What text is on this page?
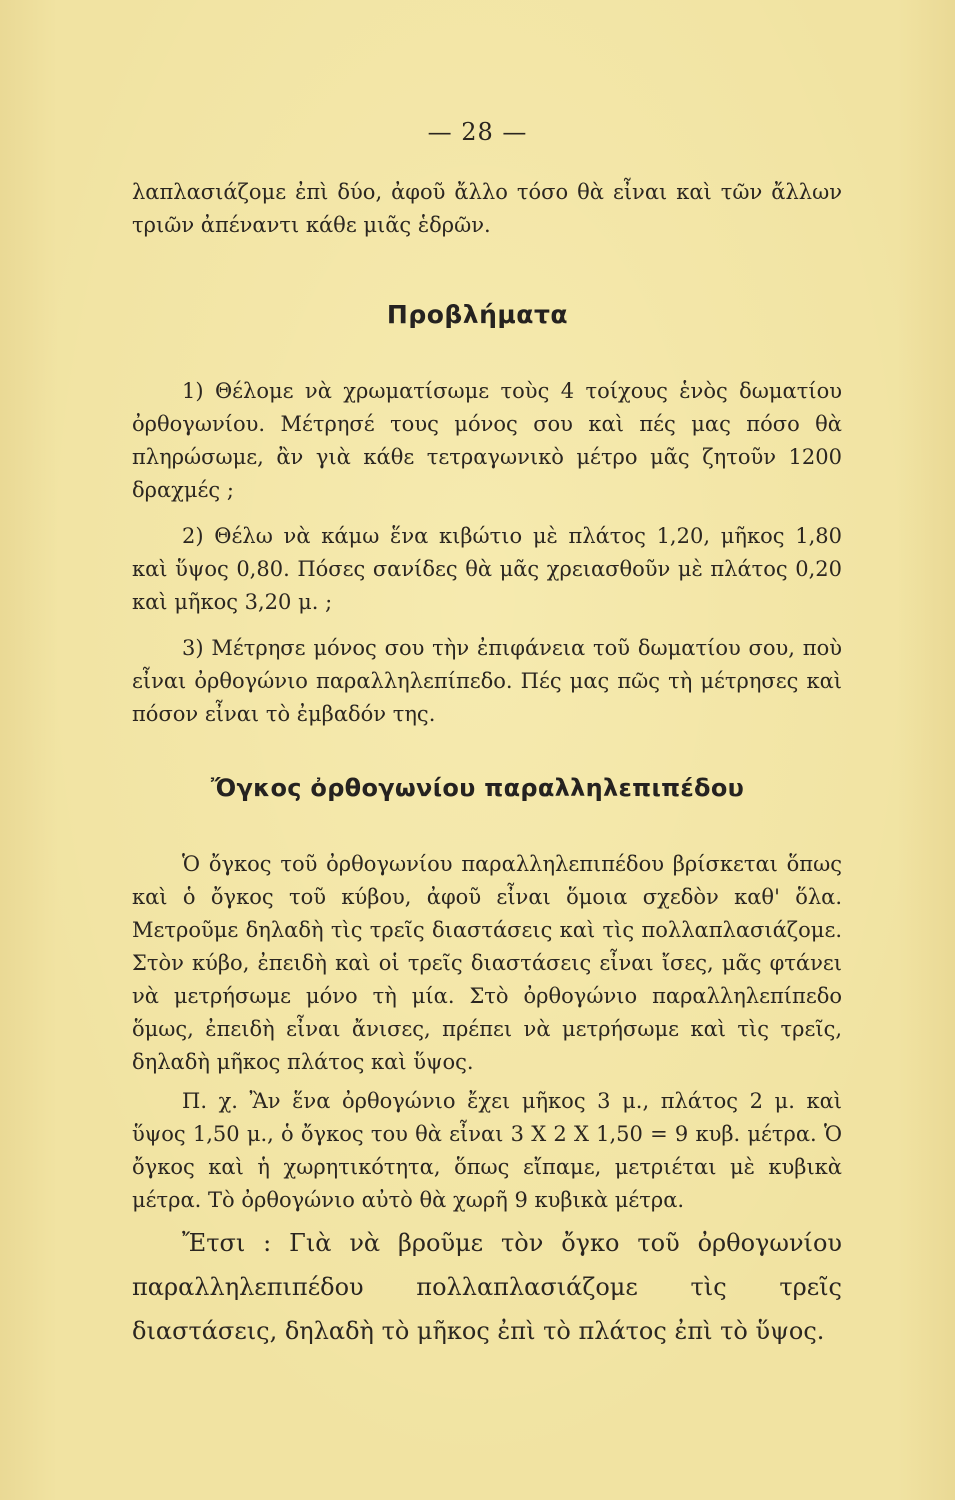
— 28 —

λαπλασιάζομε ἐπὶ δύο, ἀφοῦ ἄλλο τόσο θὰ εἶναι καὶ τῶν ἄλλων τριῶν ἀπέναντι κάθε μιᾶς ἑδρῶν.

Προβλήματα

1) Θέλομε νὰ χρωματίσωμε τοὺς 4 τοίχους ἑνὸς δωματίου ὀρθογωνίου. Μέτρησέ τους μόνος σου καὶ πές μας πόσο θὰ πληρώσωμε, ἂν γιὰ κάθε τετραγωνικὸ μέτρο μᾶς ζητοῦν 1200 δραχμές ;

2) Θέλω νὰ κάμω ἕνα κιβώτιο μὲ πλάτος 1,20, μῆκος 1,80 καὶ ὕψος 0,80. Πόσες σανίδες θὰ μᾶς χρειασθοῦν μὲ πλάτος 0,20 καὶ μῆκος 3,20 μ. ;

3) Μέτρησε μόνος σου τὴν ἐπιφάνεια τοῦ δωματίου σου, ποὺ εἶναι ὀρθογώνιο παραλληλεπίπεδο. Πές μας πῶς τὴ μέτρησες καὶ πόσον εἶναι τὸ ἐμβαδόν της.

Ὄγκος ὀρθογωνίου παραλληλεπιπέδου

Ὁ ὄγκος τοῦ ὀρθογωνίου παραλληλεπιπέδου βρίσκεται ὅπως καὶ ὁ ὄγκος τοῦ κύβου, ἀφοῦ εἶναι ὅμοια σχεδὸν καθ' ὅλα. Μετροῦμε δηλαδὴ τὶς τρεῖς διαστάσεις καὶ τὶς πολλαπλασιάζομε. Στὸν κύβο, ἐπειδὴ καὶ οἱ τρεῖς διαστάσεις εἶναι ἴσες, μᾶς φτάνει νὰ μετρήσωμε μόνο τὴ μία. Στὸ ὀρθογώνιο παραλληλεπίπεδο ὅμως, ἐπειδὴ εἶναι ἄνισες, πρέπει νὰ μετρήσωμε καὶ τὶς τρεῖς, δηλαδὴ μῆκος πλάτος καὶ ὕψος.

Π. χ. Ἂν ἕνα ὀρθογώνιο ἔχει μῆκος 3 μ., πλάτος 2 μ. καὶ ὕψος 1,50 μ., ὁ ὄγκος του θὰ εἶναι 3 Χ 2 Χ 1,50 = 9 κυβ. μέτρα. Ὁ ὄγκος καὶ ἡ χωρητικότητα, ὅπως εἴπαμε, μετριέται μὲ κυβικὰ μέτρα. Τὸ ὀρθογώνιο αὐτὸ θὰ χωρῆ 9 κυβικὰ μέτρα.

Ἔτσι : Γιὰ νὰ βροῦμε τὸν ὄγκο τοῦ ὀρθογωνίου παραλληλεπιπέδου πολλαπλασιάζομε τὶς τρεῖς διαστάσεις, δηλαδὴ τὸ μῆκος ἐπὶ τὸ πλάτος ἐπὶ τὸ ὕψος.
